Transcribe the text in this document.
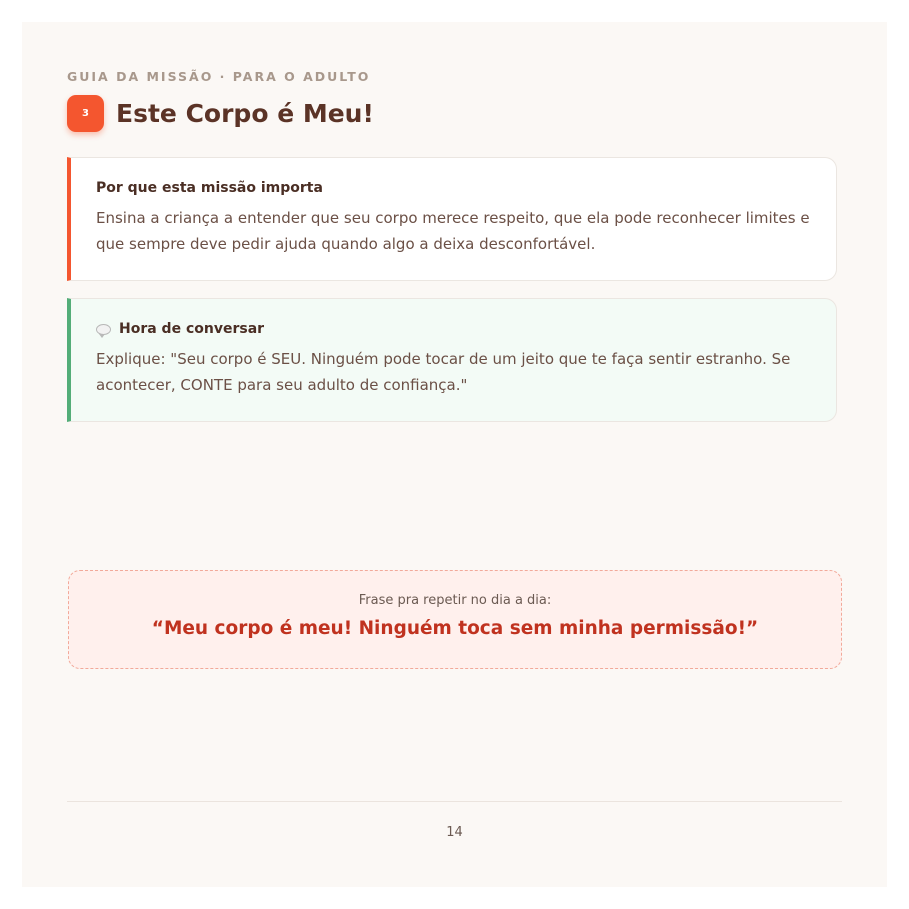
GUIA DA MISSÃO · PARA O ADULTO
3	Este Corpo é Meu!
Por que esta missão importa
Ensina a criança a entender que seu corpo merece respeito, que ela pode reconhecer limites e que sempre deve pedir ajuda quando algo a deixa desconfortável.
Hora de conversar
Explique: "Seu corpo é SEU. Ninguém pode tocar de um jeito que te faça sentir estranho. Se acontecer, CONTE para seu adulto de confiança."
Frase pra repetir no dia a dia:
“Meu corpo é meu! Ninguém toca sem minha permissão!”
14
